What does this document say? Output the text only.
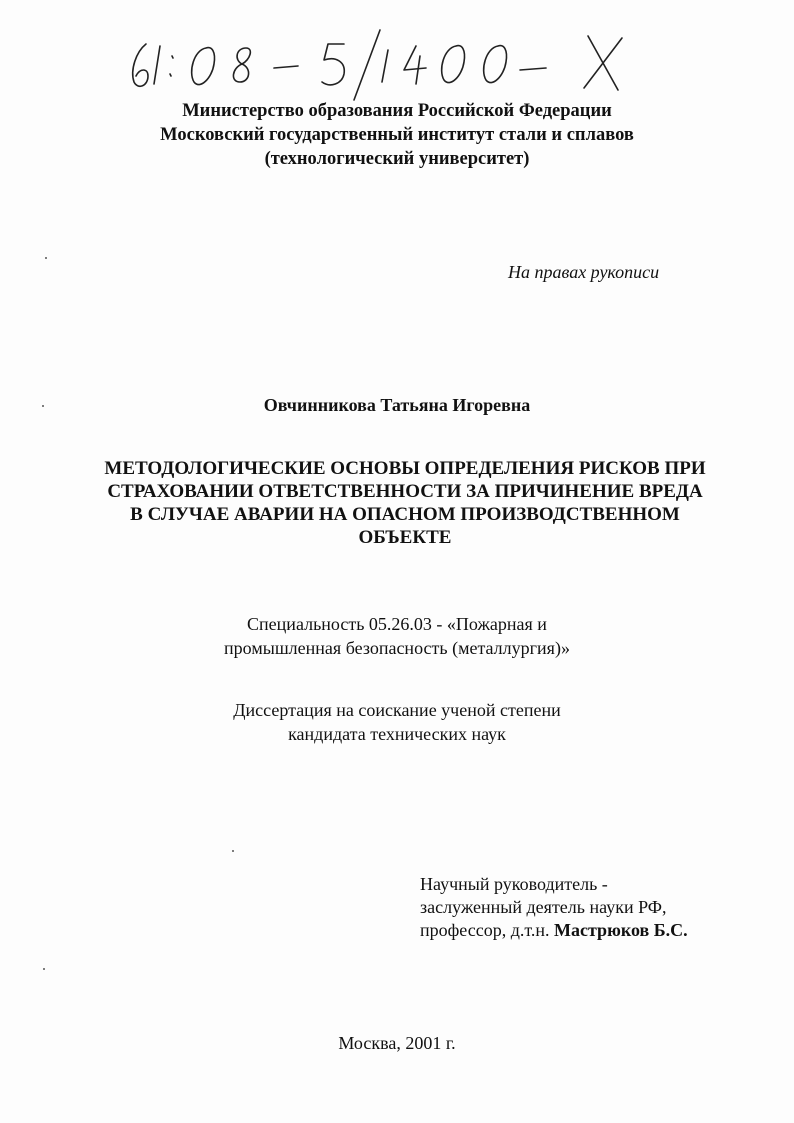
Министерство образования Российской Федерации
Московский государственный институт стали и сплавов
(технологический университет)
На правах рукописи
Овчинникова Татьяна Игоревна
МЕТОДОЛОГИЧЕСКИЕ ОСНОВЫ ОПРЕДЕЛЕНИЯ РИСКОВ ПРИ
СТРАХОВАНИИ ОТВЕТСТВЕННОСТИ ЗА ПРИЧИНЕНИЕ ВРЕДА
В СЛУЧАЕ АВАРИИ НА ОПАСНОМ ПРОИЗВОДСТВЕННОМ
ОБЪЕКТЕ
Специальность 05.26.03 - «Пожарная и
промышленная безопасность (металлургия)»
Диссертация на соискание ученой степени
кандидата технических наук
Научный руководитель -
заслуженный деятель науки РФ,
профессор, д.т.н. Мастрюков Б.С.
Москва, 2001 г.
